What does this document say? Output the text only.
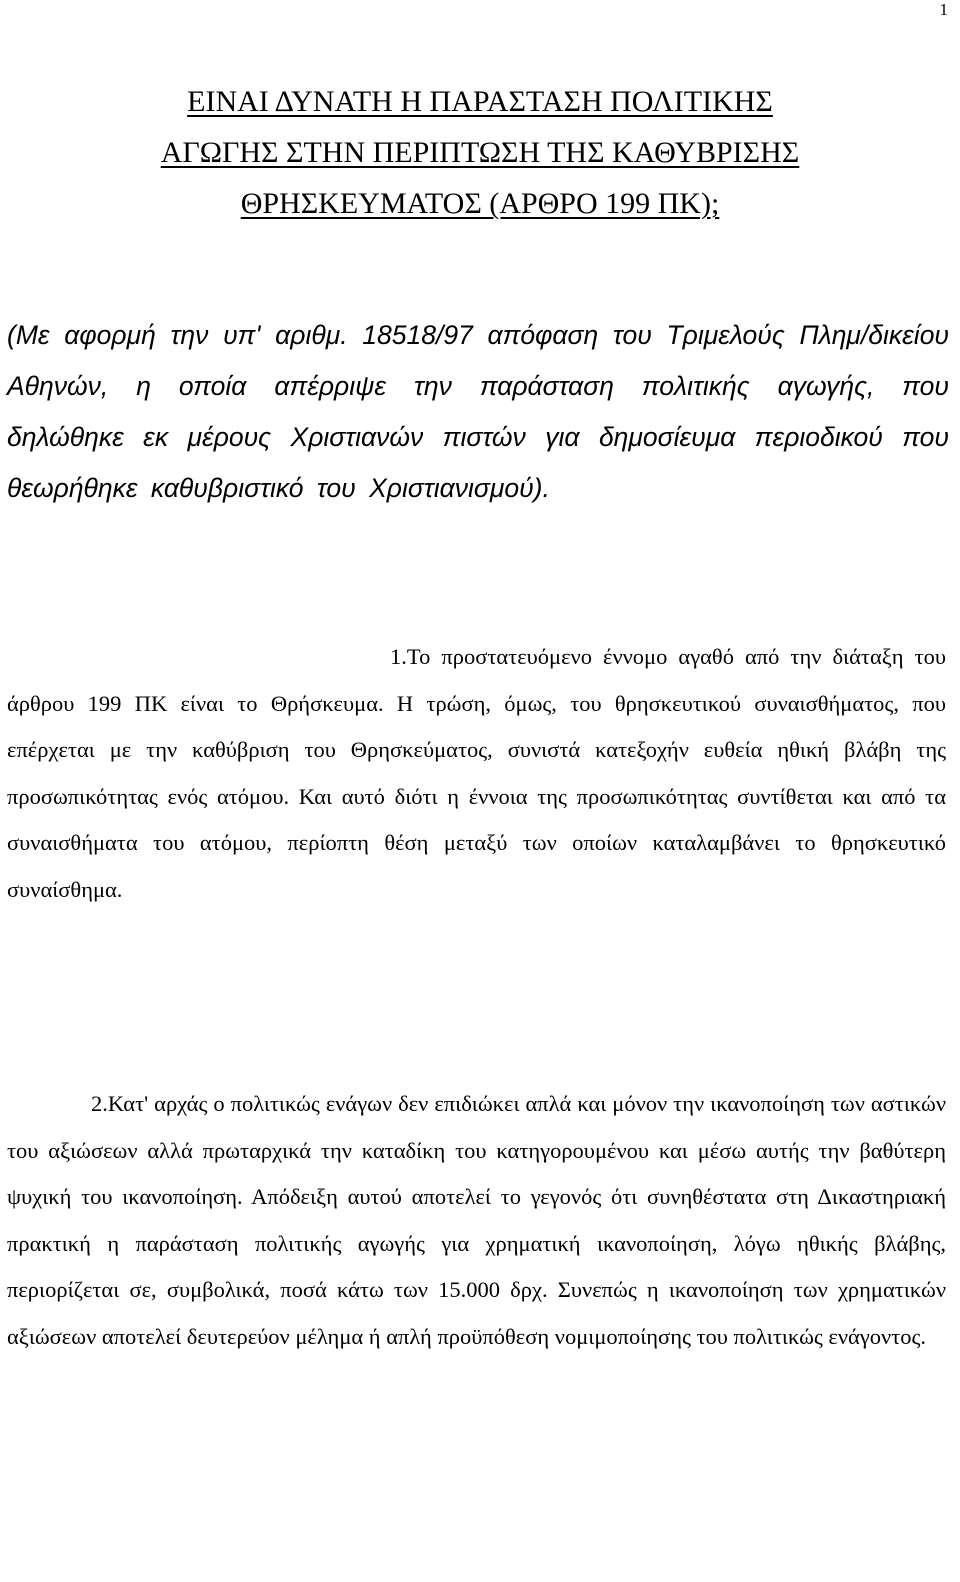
1
ΕΙΝΑΙ ΔΥΝΑΤΗ Η ΠΑΡΑΣΤΑΣΗ ΠΟΛΙΤΙΚΗΣ
ΑΓΩΓΗΣ ΣΤΗΝ ΠΕΡΙΠΤΩΣΗ ΤΗΣ ΚΑΘΥΒΡΙΣΗΣ
ΘΡΗΣΚΕΥΜΑΤΟΣ (ΑΡΘΡΟ 199 ΠΚ);
(Με αφορμή την υπ' αριθμ. 18518/97 απόφαση του Τριμελούς Πλημ/δικείου Αθηνών, η οποία απέρριψε την παράσταση πολιτικής αγωγής, που δηλώθηκε εκ μέρους Χριστιανών πιστών για δημοσίευμα περιοδικού που θεωρήθηκε καθυβριστικό του Χριστιανισμού).
1.Το προστατευόμενο έννομο αγαθό από την διάταξη του άρθρου 199 ΠΚ είναι το Θρήσκευμα. Η τρώση, όμως, του θρησκευτικού συναισθήματος, που επέρχεται με την καθύβριση του Θρησκεύματος, συνιστά κατεξοχήν ευθεία ηθική βλάβη της προσωπικότητας ενός ατόμου. Και αυτό διότι η έννοια της προσωπικότητας συντίθεται και από τα συναισθήματα του ατόμου, περίοπτη θέση μεταξύ των οποίων καταλαμβάνει το θρησκευτικό συναίσθημα.
2.Κατ' αρχάς ο πολιτικώς ενάγων δεν επιδιώκει απλά και μόνον την ικανοποίηση των αστικών του αξιώσεων αλλά πρωταρχικά την καταδίκη του κατηγορουμένου και μέσω αυτής την βαθύτερη ψυχική του ικανοποίηση. Απόδειξη αυτού αποτελεί το γεγονός ότι συνηθέστατα στη Δικαστηριακή πρακτική η παράσταση πολιτικής αγωγής για χρηματική ικανοποίηση, λόγω ηθικής βλάβης, περιορίζεται σε, συμβολικά, ποσά κάτω των 15.000 δρχ. Συνεπώς η ικανοποίηση των χρηματικών αξιώσεων αποτελεί δευτερεύον μέλημα ή απλή προϋπόθεση νομιμοποίησης του πολιτικώς ενάγοντος.
